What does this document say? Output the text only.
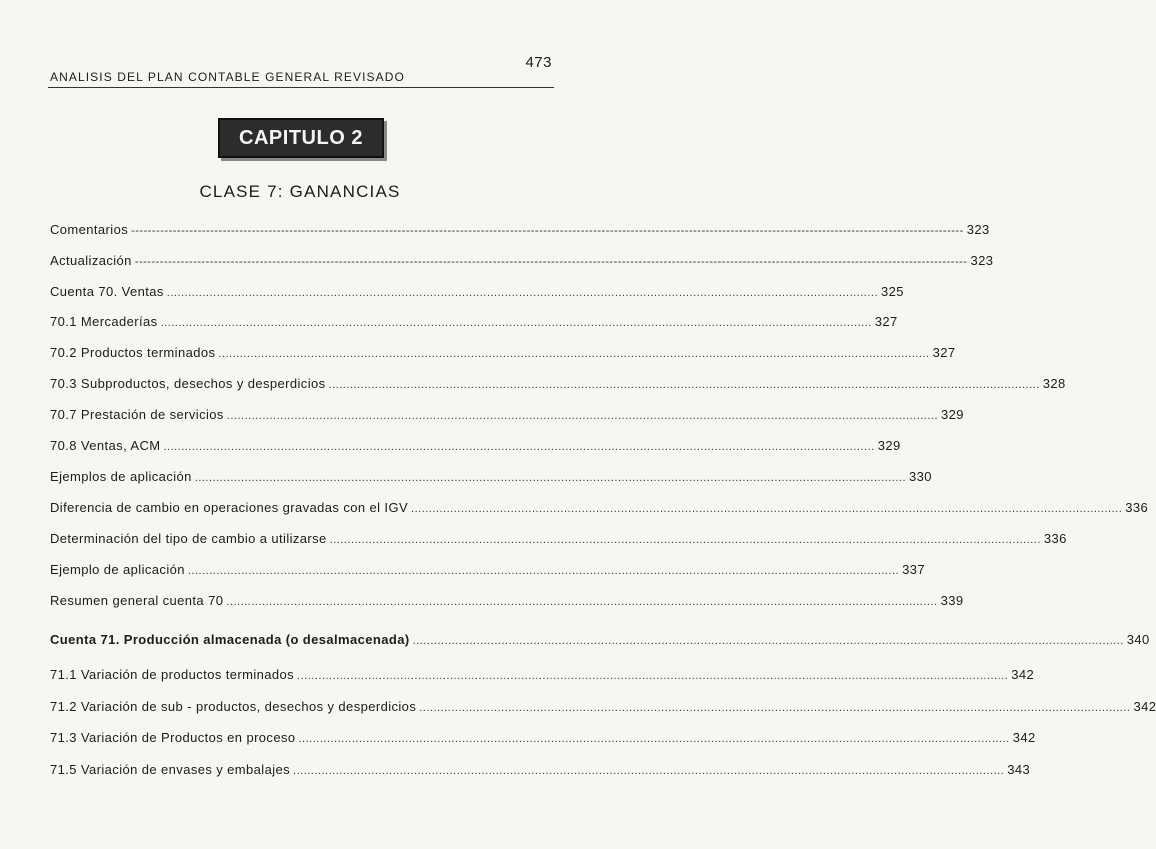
473
ANALISIS DEL PLAN CONTABLE GENERAL REVISADO
CAPITULO 2
CLASE 7: GANANCIAS
Comentarios -------------------------------------------------------------------------------------------------------------------------------------------------------------------------------------------------------- 323
Actualización -------------------------------------------------------------------------------------------------------------------------------------------------------------------------------------------------------- 323
Cuenta 70. Ventas ........................................................................................................................................................................................................ 325
70.1 Mercaderías ........................................................................................................................................................................................................ 327
70.2 Productos terminados ........................................................................................................................................................................................................ 327
70.3 Subproductos, desechos y desperdicios ........................................................................................................................................................................................................ 328
70.7 Prestación de servicios ........................................................................................................................................................................................................ 329
70.8 Ventas, ACM ........................................................................................................................................................................................................ 329
Ejemplos de aplicación ........................................................................................................................................................................................................ 330
Diferencia de cambio en operaciones gravadas con el IGV ........................................................................................................................................................................................................ 336
Determinación del tipo de cambio a utilizarse ........................................................................................................................................................................................................ 336
Ejemplo de aplicación ........................................................................................................................................................................................................ 337
Resumen general cuenta 70 ........................................................................................................................................................................................................ 339
Cuenta 71. Producción almacenada (o desalmacenada) ........................................................................................................................................................................................................ 340
71.1 Variación de productos terminados ........................................................................................................................................................................................................ 342
71.2 Variación de sub - productos, desechos y desperdicios ........................................................................................................................................................................................................ 342
71.3 Variación de Productos en proceso ........................................................................................................................................................................................................ 342
71.5 Variación de envases y embalajes ........................................................................................................................................................................................................ 343
